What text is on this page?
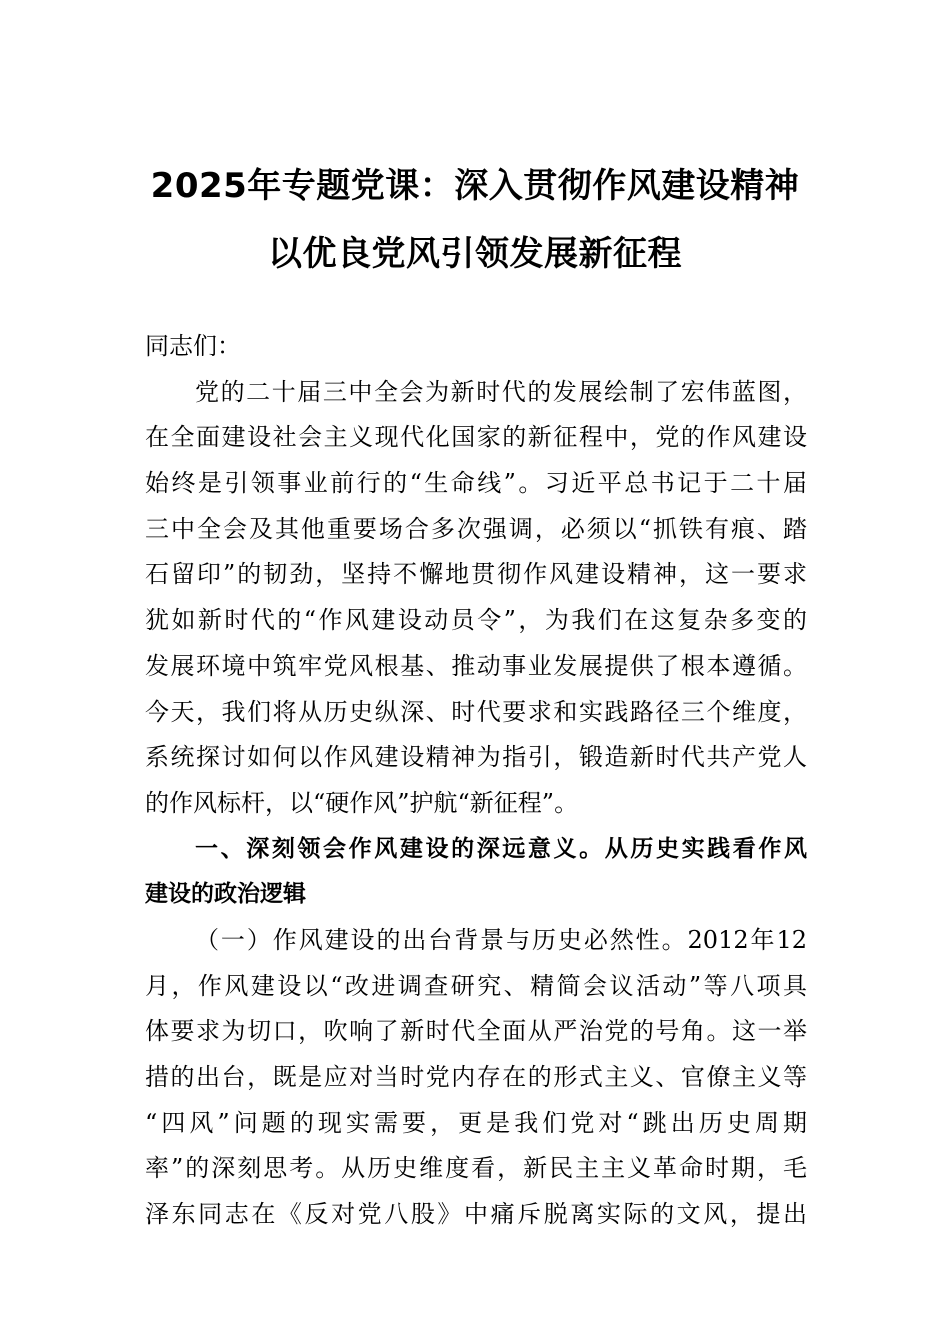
2025年专题党课：深入贯彻作风建设精神
以优良党风引领发展新征程
同志们：
党的二十届三中全会为新时代的发展绘制了宏伟蓝图，
在全面建设社会主义现代化国家的新征程中，党的作风建设
始终是引领事业前行的“生命线”。习近平总书记于二十届
三中全会及其他重要场合多次强调，必须以“抓铁有痕、踏
石留印”的韧劲，坚持不懈地贯彻作风建设精神，这一要求
犹如新时代的“作风建设动员令”，为我们在这复杂多变的
发展环境中筑牢党风根基、推动事业发展提供了根本遵循。
今天，我们将从历史纵深、时代要求和实践路径三个维度，
系统探讨如何以作风建设精神为指引，锻造新时代共产党人
的作风标杆，以“硬作风”护航“新征程”。
一、深刻领会作风建设的深远意义。从历史实践看作风
建设的政治逻辑
（一）作风建设的出台背景与历史必然性。2012年12
月，作风建设以“改进调查研究、精简会议活动”等八项具
体要求为切口，吹响了新时代全面从严治党的号角。这一举
措的出台，既是应对当时党内存在的形式主义、官僚主义等
“四风”问题的现实需要，更是我们党对“跳出历史周期
率”的深刻思考。从历史维度看，新民主主义革命时期，毛
泽东同志在《反对党八股》中痛斥脱离实际的文风，提出
